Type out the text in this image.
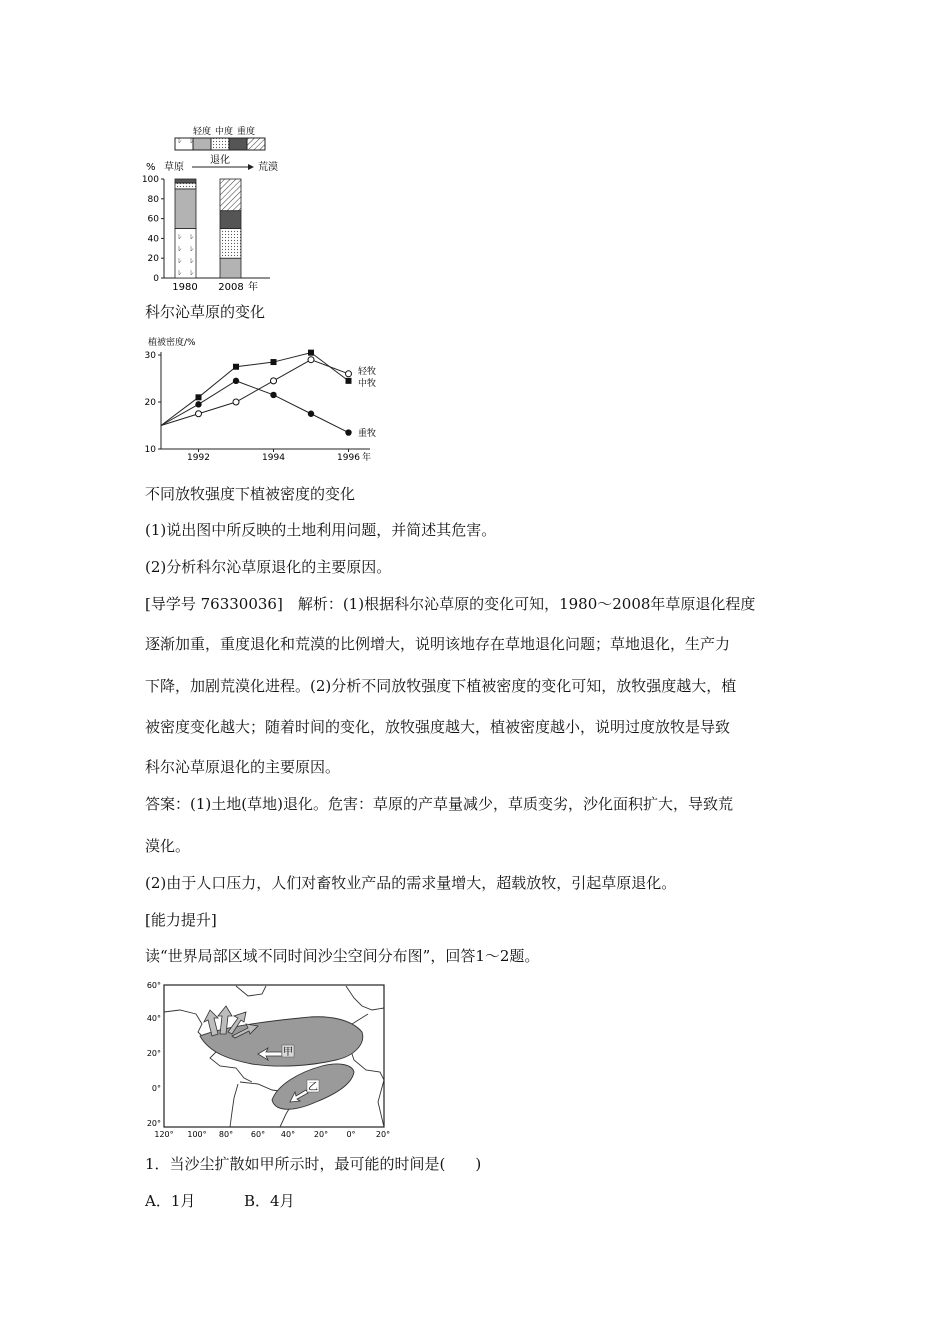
轻度 中度 重度
% 草原
退化
荒漠
100
80
60
40
20
0
1980 2008 年
科尔沁草原的变化
植被密度/%
30
20
10
1992	1994	1996
轻牧
中牧
重牧
年
不同放牧强度下植被密度的变化
(1)说出图中所反映的土地利用问题，并简述其危害。
(2)分析科尔沁草原退化的主要原因。
[导学号 76330036]　解析：(1)根据科尔沁草原的变化可知，1980～2008年草原退化程度
逐渐加重，重度退化和荒漠的比例增大，说明该地存在草地退化问题；草地退化，生产力
下降，加剧荒漠化进程。(2)分析不同放牧强度下植被密度的变化可知，放牧强度越大，植
被密度变化越大；随着时间的变化，放牧强度越大，植被密度越小，说明过度放牧是导致
科尔沁草原退化的主要原因。
答案：(1)土地(草地)退化。危害：草原的产草量减少，草质变劣，沙化面积扩大，导致荒
漠化。
(2)由于人口压力，人们对畜牧业产品的需求量增大，超载放牧，引起草原退化。
[能力提升]
读“世界局部区域不同时间沙尘空间分布图”，回答1～2题。
甲
乙
60°
40°
20°
0°
20°
120° 100° 80° 60° 40° 20° 0°	20°
1．当沙尘扩散如甲所示时，最可能的时间是(　　)
A．1月	B．4月
